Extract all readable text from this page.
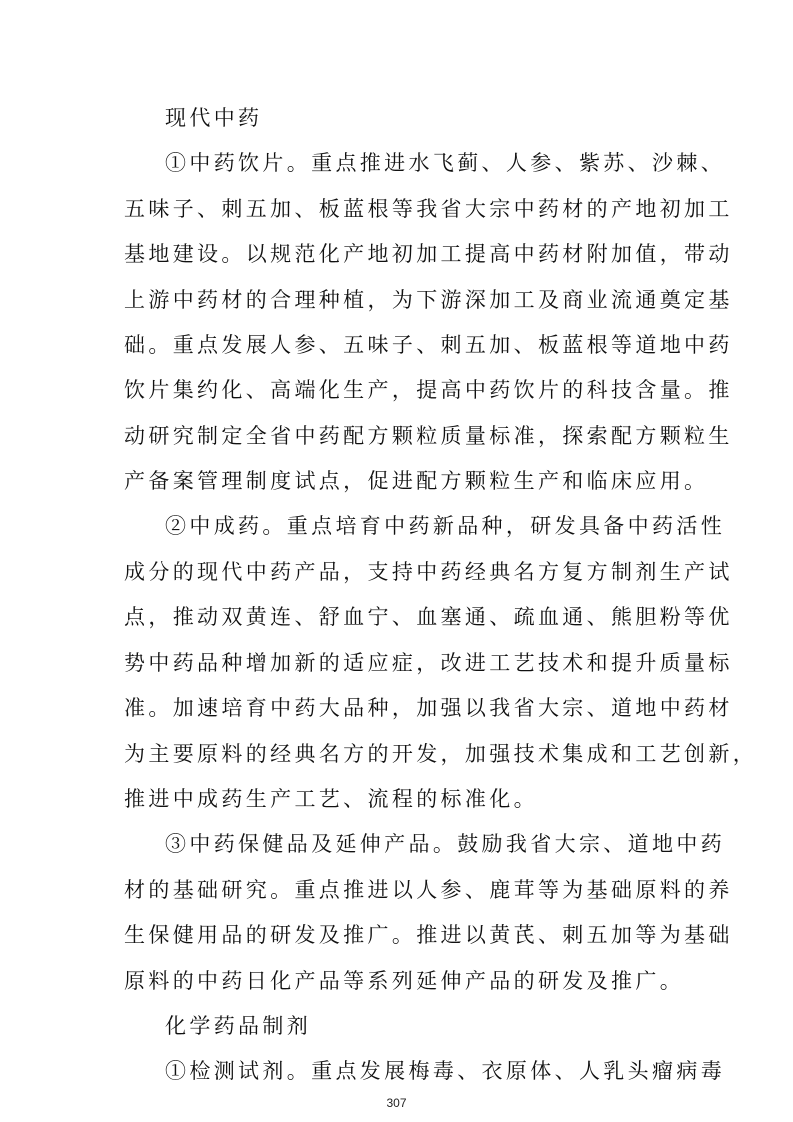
现代中药
①中药饮片。重点推进水飞蓟、人参、紫苏、沙棘、
五味子、刺五加、板蓝根等我省大宗中药材的产地初加工
基地建设。以规范化产地初加工提高中药材附加值，带动
上游中药材的合理种植，为下游深加工及商业流通奠定基
础。重点发展人参、五味子、刺五加、板蓝根等道地中药
饮片集约化、高端化生产，提高中药饮片的科技含量。推
动研究制定全省中药配方颗粒质量标准，探索配方颗粒生
产备案管理制度试点，促进配方颗粒生产和临床应用。
②中成药。重点培育中药新品种，研发具备中药活性
成分的现代中药产品，支持中药经典名方复方制剂生产试
点，推动双黄连、舒血宁、血塞通、疏血通、熊胆粉等优
势中药品种增加新的适应症，改进工艺技术和提升质量标
准。加速培育中药大品种，加强以我省大宗、道地中药材
为主要原料的经典名方的开发，加强技术集成和工艺创新，
推进中成药生产工艺、流程的标准化。
③中药保健品及延伸产品。鼓励我省大宗、道地中药
材的基础研究。重点推进以人参、鹿茸等为基础原料的养
生保健用品的研发及推广。推进以黄芪、刺五加等为基础
原料的中药日化产品等系列延伸产品的研发及推广。
化学药品制剂
①检测试剂。重点发展梅毒、衣原体、人乳头瘤病毒
307
